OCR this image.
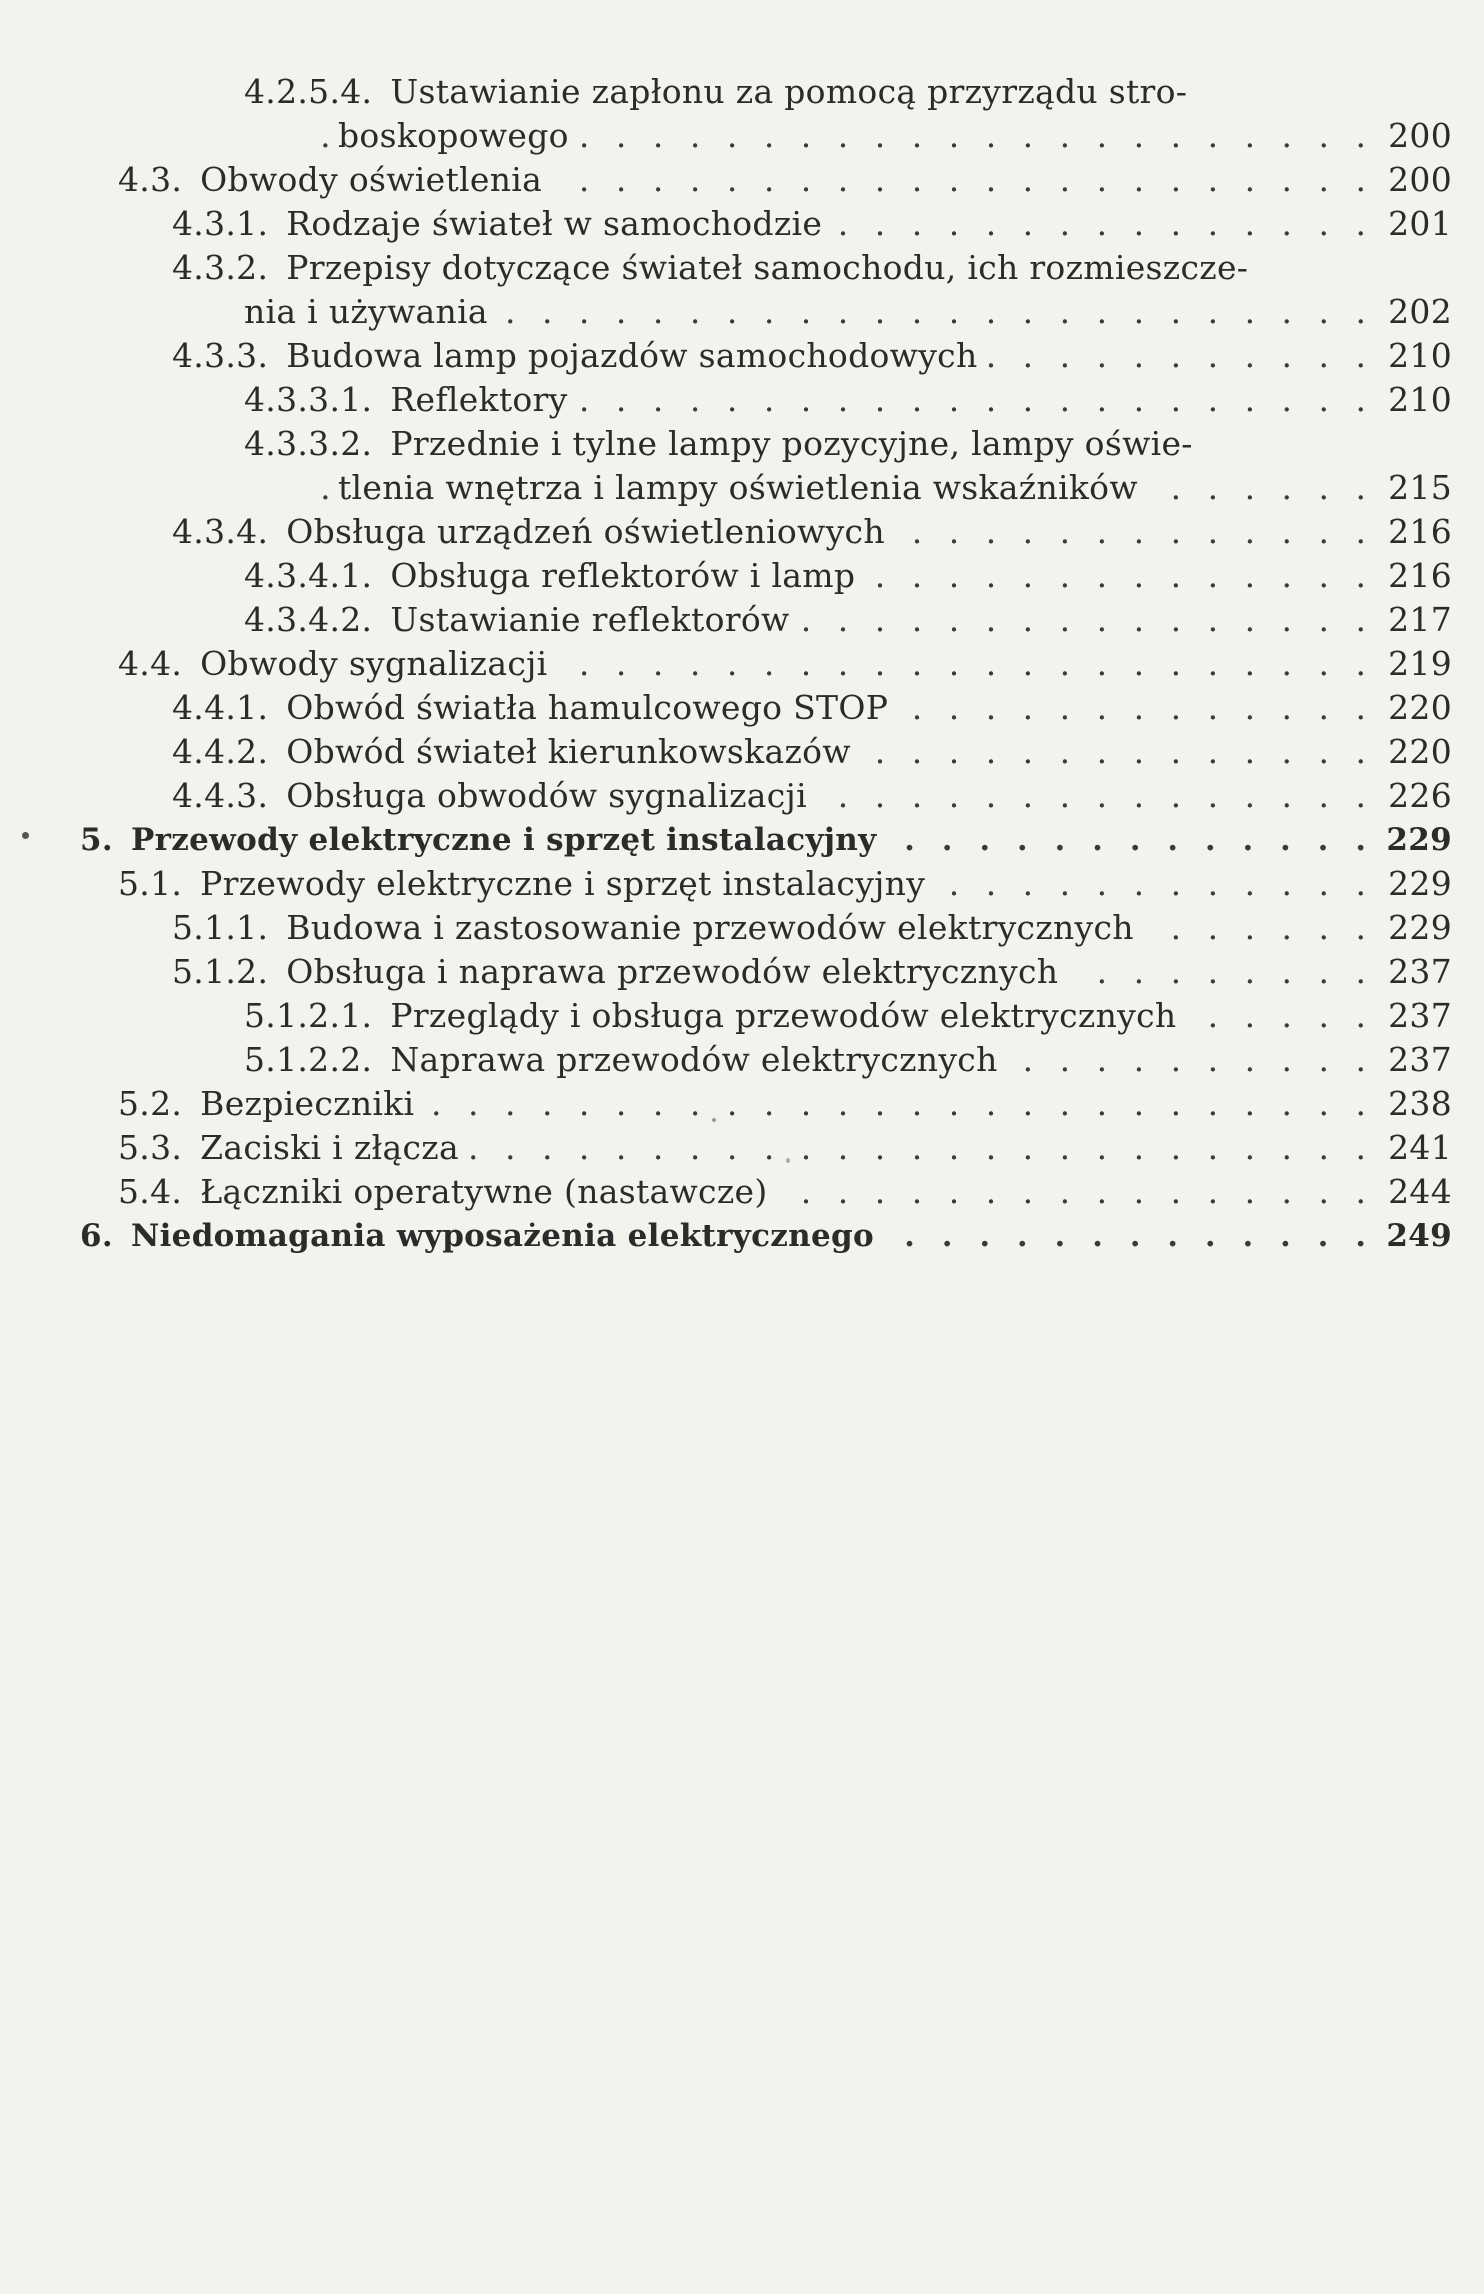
4.2.5.4. Ustawianie zapłonu za pomocą przyrządu stro-
. . .
boskopowego	200
. . .
4.3. Obwody oświetlenia	200
. . .
4.3.1. Rodzaje świateł w samochodzie	201
4.3.2. Przepisy dotyczące świateł samochodu, ich rozmieszcze-
. . .
nia i używania	202
. . .
4.3.3. Budowa lamp pojazdów samochodowych	210
. . .
4.3.3.1. Reflektory	210
4.3.3.2. Przednie i tylne lampy pozycyjne, lampy oświe-
. . .
tlenia wnętrza i lampy oświetlenia wskaźników	215
. . .
4.3.4. Obsługa urządzeń oświetleniowych	216
. . .
4.3.4.1. Obsługa reflektorów i lamp	216
. . .
4.3.4.2. Ustawianie reflektorów	217
. . .
4.4. Obwody sygnalizacji	219
. . .
4.4.1. Obwód światła hamulcowego STOP	220
. . .
4.4.2. Obwód świateł kierunkowskazów	220
. . .
4.4.3. Obsługa obwodów sygnalizacji	226
. . .
5. Przewody elektryczne i sprzęt instalacyjny	229
. . .
5.1. Przewody elektryczne i sprzęt instalacyjny	229
. . .
5.1.1. Budowa i zastosowanie przewodów elektrycznych	229
. . .
5.1.2. Obsługa i naprawa przewodów elektrycznych	237
. . .
5.1.2.1. Przeglądy i obsługa przewodów elektrycznych	237
. . .
5.1.2.2. Naprawa przewodów elektrycznych	237
. . .
5.2. Bezpieczniki	238
. . .
5.3. Zaciski i złącza	241
. . .
5.4. Łączniki operatywne (nastawcze)	244
. . .
6. Niedomagania wyposażenia elektrycznego	249
